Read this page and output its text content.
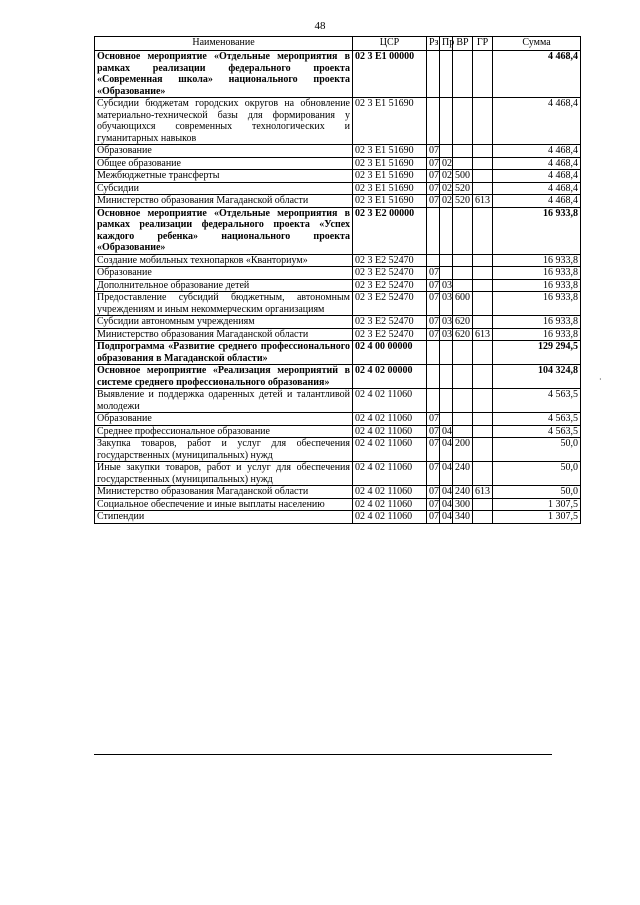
48
Наименование	ЦСР	Рз	Пр	ВР	ГР	Сумма
Основное мероприятие «Отдельные мероприятия в рамках реализации федерального проекта «Современная школа» национального проекта «Образование»	02 3 E1 00000					4 468,4
Субсидии бюджетам городских округов на обновление материально-технической базы для формирования у обучающихся современных технологических и гуманитарных навыков	02 3 E1 51690					4 468,4
Образование	02 3 E1 51690	07				4 468,4
Общее образование	02 3 E1 51690	07	02			4 468,4
Межбюджетные трансферты	02 3 E1 51690	07	02	500		4 468,4
Субсидии	02 3 E1 51690	07	02	520		4 468,4
Министерство образования Магаданской области	02 3 E1 51690	07	02	520	613	4 468,4
Основное мероприятие «Отдельные мероприятия в рамках реализации федерального проекта «Успех каждого ребенка» национального проекта «Образование»	02 3 E2 00000					16 933,8
Создание мобильных технопарков «Кванториум»	02 3 E2 52470					16 933,8
Образование	02 3 E2 52470	07				16 933,8
Дополнительное образование детей	02 3 E2 52470	07	03			16 933,8
Предоставление субсидий бюджетным, автономным учреждениям и иным некоммерческим организациям	02 3 E2 52470	07	03	600		16 933,8
Субсидии автономным учреждениям	02 3 E2 52470	07	03	620		16 933,8
Министерство образования Магаданской области	02 3 E2 52470	07	03	620	613	16 933,8
Подпрограмма «Развитие среднего профессионального образования в Магаданской области»	02 4 00 00000					129 294,5
Основное мероприятие «Реализация мероприятий в системе среднего профессионального образования»	02 4 02 00000					104 324,8
Выявление и поддержка одаренных детей и талантливой молодежи	02 4 02 11060					4 563,5
Образование	02 4 02 11060	07				4 563,5
Среднее профессиональное образование	02 4 02 11060	07	04			4 563,5
Закупка товаров, работ и услуг для обеспечения государственных (муниципальных) нужд	02 4 02 11060	07	04	200		50,0
Иные закупки товаров, работ и услуг для обеспечения государственных (муниципальных) нужд	02 4 02 11060	07	04	240		50,0
Министерство образования Магаданской области	02 4 02 11060	07	04	240	613	50,0
Социальное обеспечение и иные выплаты населению	02 4 02 11060	07	04	300		1 307,5
Стипендии	02 4 02 11060	07	04	340		1 307,5
·
